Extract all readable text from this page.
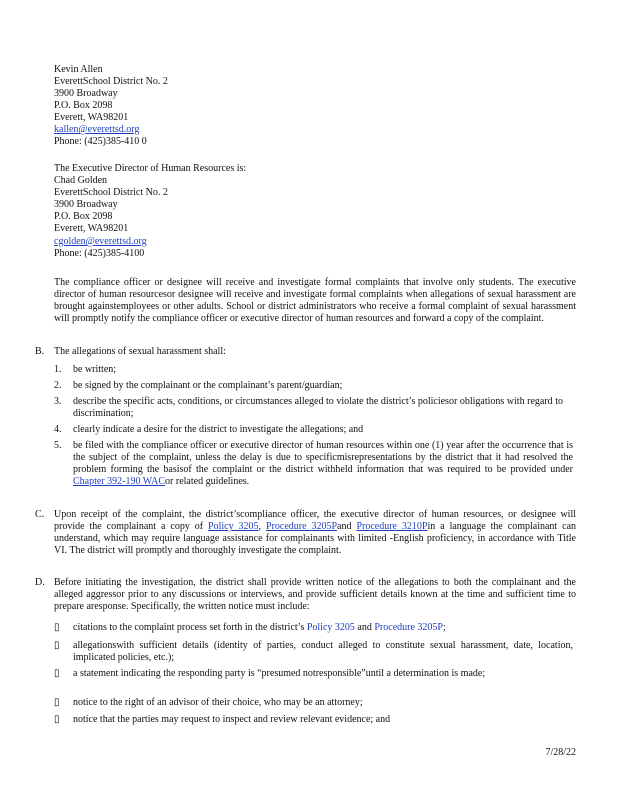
Kevin Allen
EverettSchool District No. 2
3900 Broadway
P.O. Box 2098
Everett, WA98201
kallen@everettsd.org
Phone: (425)385-410 0
The Executive Director of Human Resources is:
Chad Golden
EverettSchool District No. 2
3900 Broadway
P.O. Box 2098
Everett, WA98201
cgolden@everettsd.org
Phone: (425)385-4100
The compliance officer or designee will receive and investigate formal complaints that involve only students. The executive director of human resourcesor designee will receive and investigate formal complaints when allegations of sexual harassment are brought againstemployees or other adults. School or district administrators who receive a formal complaint of sexual harassment will promptly notify the compliance officer or executive director of human resources and forward a copy of the complaint.
B. The allegations of sexual harassment shall:
1. be written;
2. be signed by the complainant or the complainant’s parent/guardian;
3. describe the specific acts, conditions, or circumstances alleged to violate the district’s policiesor obligations with regard to discrimination;
4. clearly indicate a desire for the district to investigate the allegations; and
5. be filed with the compliance officer or executive director of human resources within one (1) year after the occurrence that is the subject of the complaint, unless the delay is due to specificmisrepresentations by the district that it had resolved the problem forming the basisof the complaint or the district withheld information that was required to be provided under Chapter 392-190 WACor related guidelines.
C. Upon receipt of the complaint, the district’scompliance officer, the executive director of human resources, or designee will provide the complainant a copy of Policy 3205, Procedure 3205Pand Procedure 3210Pin a language the complainant can understand, which may require language assistance for complainants with limited -English proficiency, in accordance with Title VI. The district will promptly and thoroughly investigate the complaint.
D. Before initiating the investigation, the district shall provide written notice of the allegations to both the complainant and the alleged aggressor prior to any discussions or interviews, and provide sufficient details known at the time and sufficient time to prepare aresponse. Specifically, the written notice must include:
▯ citations to the complaint process set forth in the district’s Policy 3205 and Procedure 3205P;
▯ allegationswith sufficient details (identity of parties, conduct alleged to constitute sexual harassment, date, location, implicated policies, etc.);
▯ a statement indicating the responding party is “presumed notresponsible”until a determination is made;
▯ notice to the right of an advisor of their choice, who may be an attorney;
▯ notice that the parties may request to inspect and review relevant evidence; and
7/28/22
